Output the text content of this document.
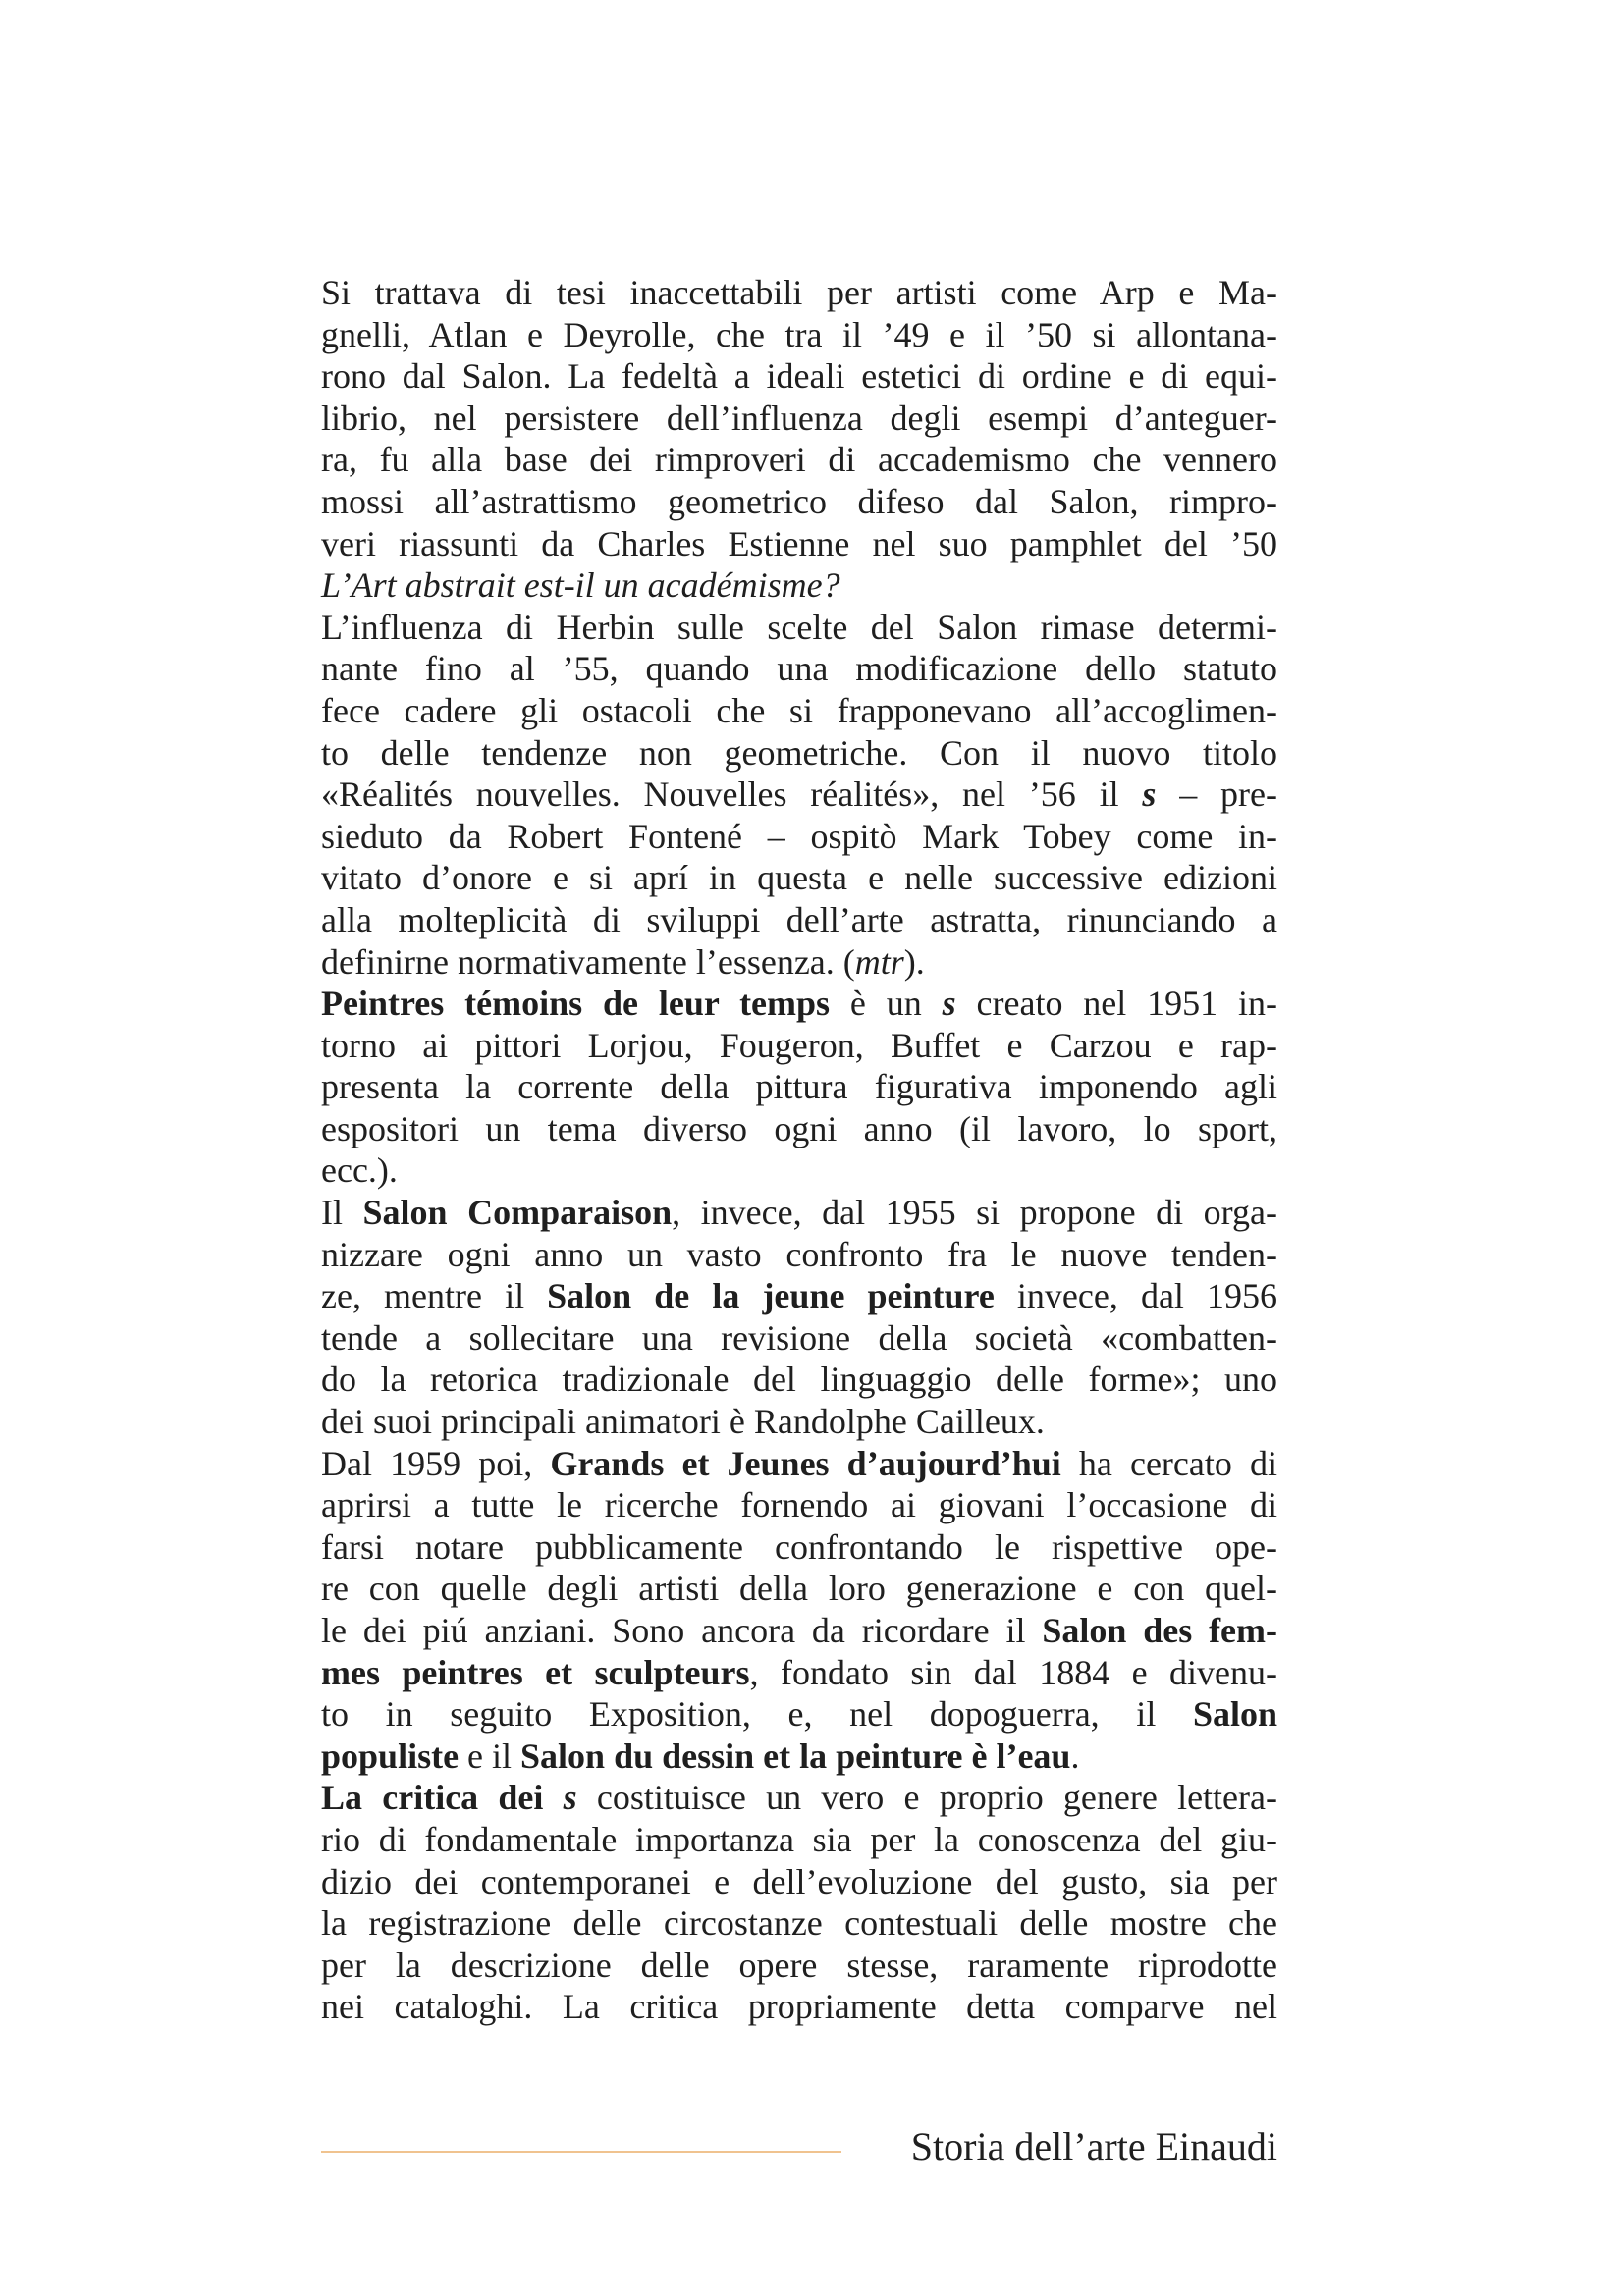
Si trattava di tesi inaccettabili per artisti come Arp e Ma-
gnelli, Atlan e Deyrolle, che tra il ’49 e il ’50 si allontana-
rono dal Salon. La fedeltà a ideali estetici di ordine e di equi-
librio, nel persistere dell’influenza degli esempi d’anteguer-
ra, fu alla base dei rimproveri di accademismo che vennero
mossi all’astrattismo geometrico difeso dal Salon, rimpro-
veri riassunti da Charles Estienne nel suo pamphlet del ’50
L’Art abstrait est-il un académisme?
L’influenza di Herbin sulle scelte del Salon rimase determi-
nante fino al ’55, quando una modificazione dello statuto
fece cadere gli ostacoli che si frapponevano all’accoglimen-
to delle tendenze non geometriche. Con il nuovo titolo
«Réalités nouvelles. Nouvelles réalités», nel ’56 il s – pre-
sieduto da Robert Fontené – ospitò Mark Tobey come in-
vitato d’onore e si aprí in questa e nelle successive edizioni
alla molteplicità di sviluppi dell’arte astratta, rinunciando a
definirne normativamente l’essenza. (mtr).
Peintres témoins de leur temps è un s creato nel 1951 in-
torno ai pittori Lorjou, Fougeron, Buffet e Carzou e rap-
presenta la corrente della pittura figurativa imponendo agli
espositori un tema diverso ogni anno (il lavoro, lo sport,
ecc.).
Il Salon Comparaison, invece, dal 1955 si propone di orga-
nizzare ogni anno un vasto confronto fra le nuove tenden-
ze, mentre il Salon de la jeune peinture invece, dal 1956
tende a sollecitare una revisione della società «combatten-
do la retorica tradizionale del linguaggio delle forme»; uno
dei suoi principali animatori è Randolphe Cailleux.
Dal 1959 poi, Grands et Jeunes d’aujourd’hui ha cercato di
aprirsi a tutte le ricerche fornendo ai giovani l’occasione di
farsi notare pubblicamente confrontando le rispettive ope-
re con quelle degli artisti della loro generazione e con quel-
le dei piú anziani. Sono ancora da ricordare il Salon des fem-
mes peintres et sculpteurs, fondato sin dal 1884 e divenu-
to in seguito Exposition, e, nel dopoguerra, il Salon
populiste e il Salon du dessin et la peinture è l’eau.
La critica dei s costituisce un vero e proprio genere lettera-
rio di fondamentale importanza sia per la conoscenza del giu-
dizio dei contemporanei e dell’evoluzione del gusto, sia per
la registrazione delle circostanze contestuali delle mostre che
per la descrizione delle opere stesse, raramente riprodotte
nei cataloghi. La critica propriamente detta comparve nel
Storia dell’arte Einaudi
